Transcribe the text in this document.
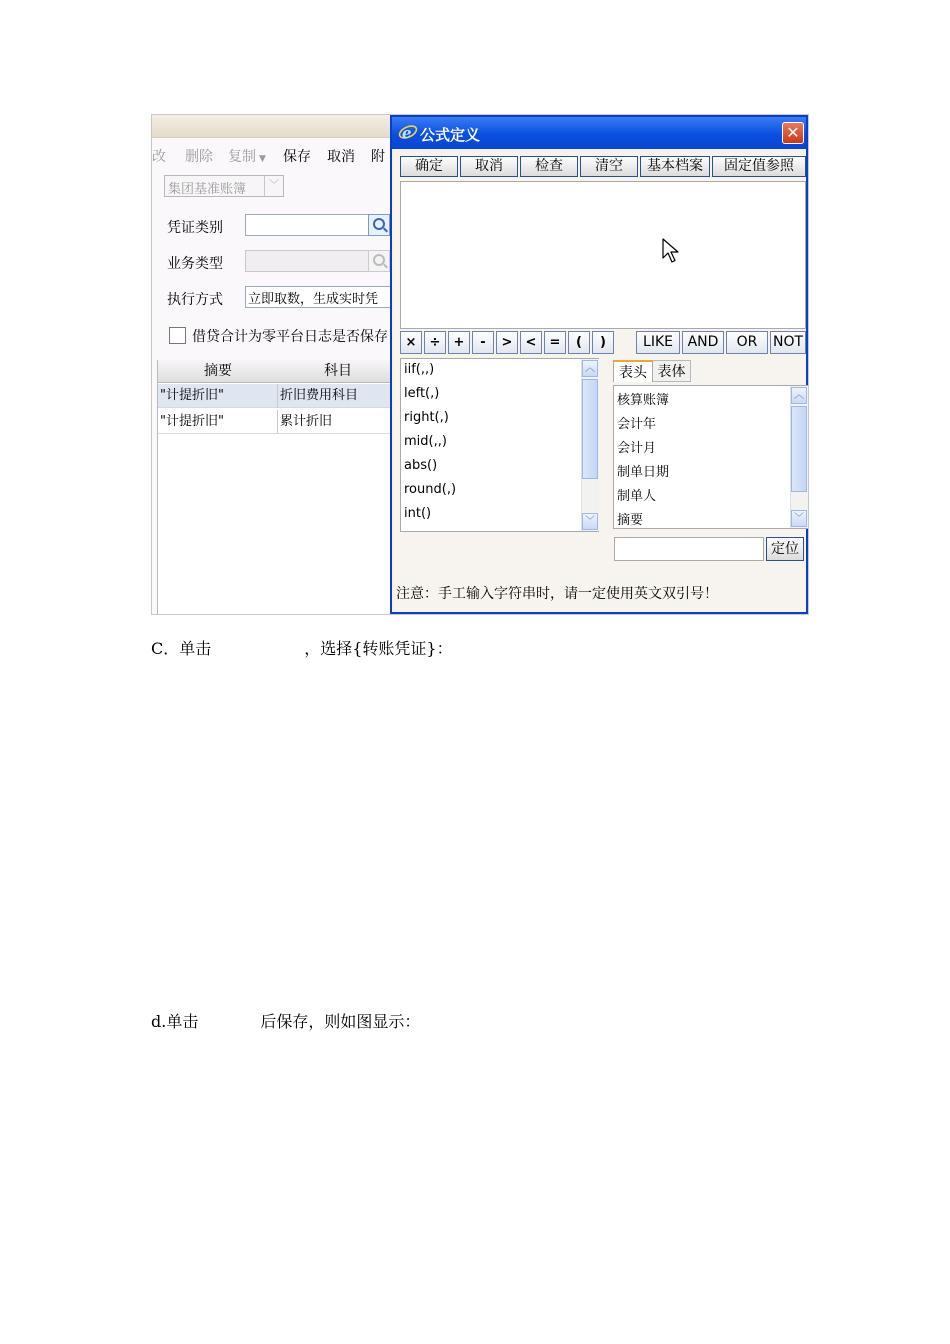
改 删除 复制 ▼ 保存 取消 附
集团基准账簿	﹀
凭证类别
业务类型
执行方式 立即取数，生成实时凭
借贷合计为零平台日志是否保存
摘要	科目
"计提折旧"	折旧费用科目
"计提折旧"	累计折旧
e 公式定义	✕
确定	取消	检查	清空	基本档案	固定值参照
×	÷	+	-	>	<	=	(	)	LIKE	AND	OR	NOT
iif(,,)
left(,)
right(,)
mid(,,)
abs()
round(,)
int()
︿
﹀
表头 表体
核算账簿
会计年
会计月
制单日期
制单人
摘要
︿
﹀
定位
注意：手工输入字符串时，请一定使用英文双引号！
C．单击	，选择{转账凭证}：
d.单击	后保存，则如图显示：
